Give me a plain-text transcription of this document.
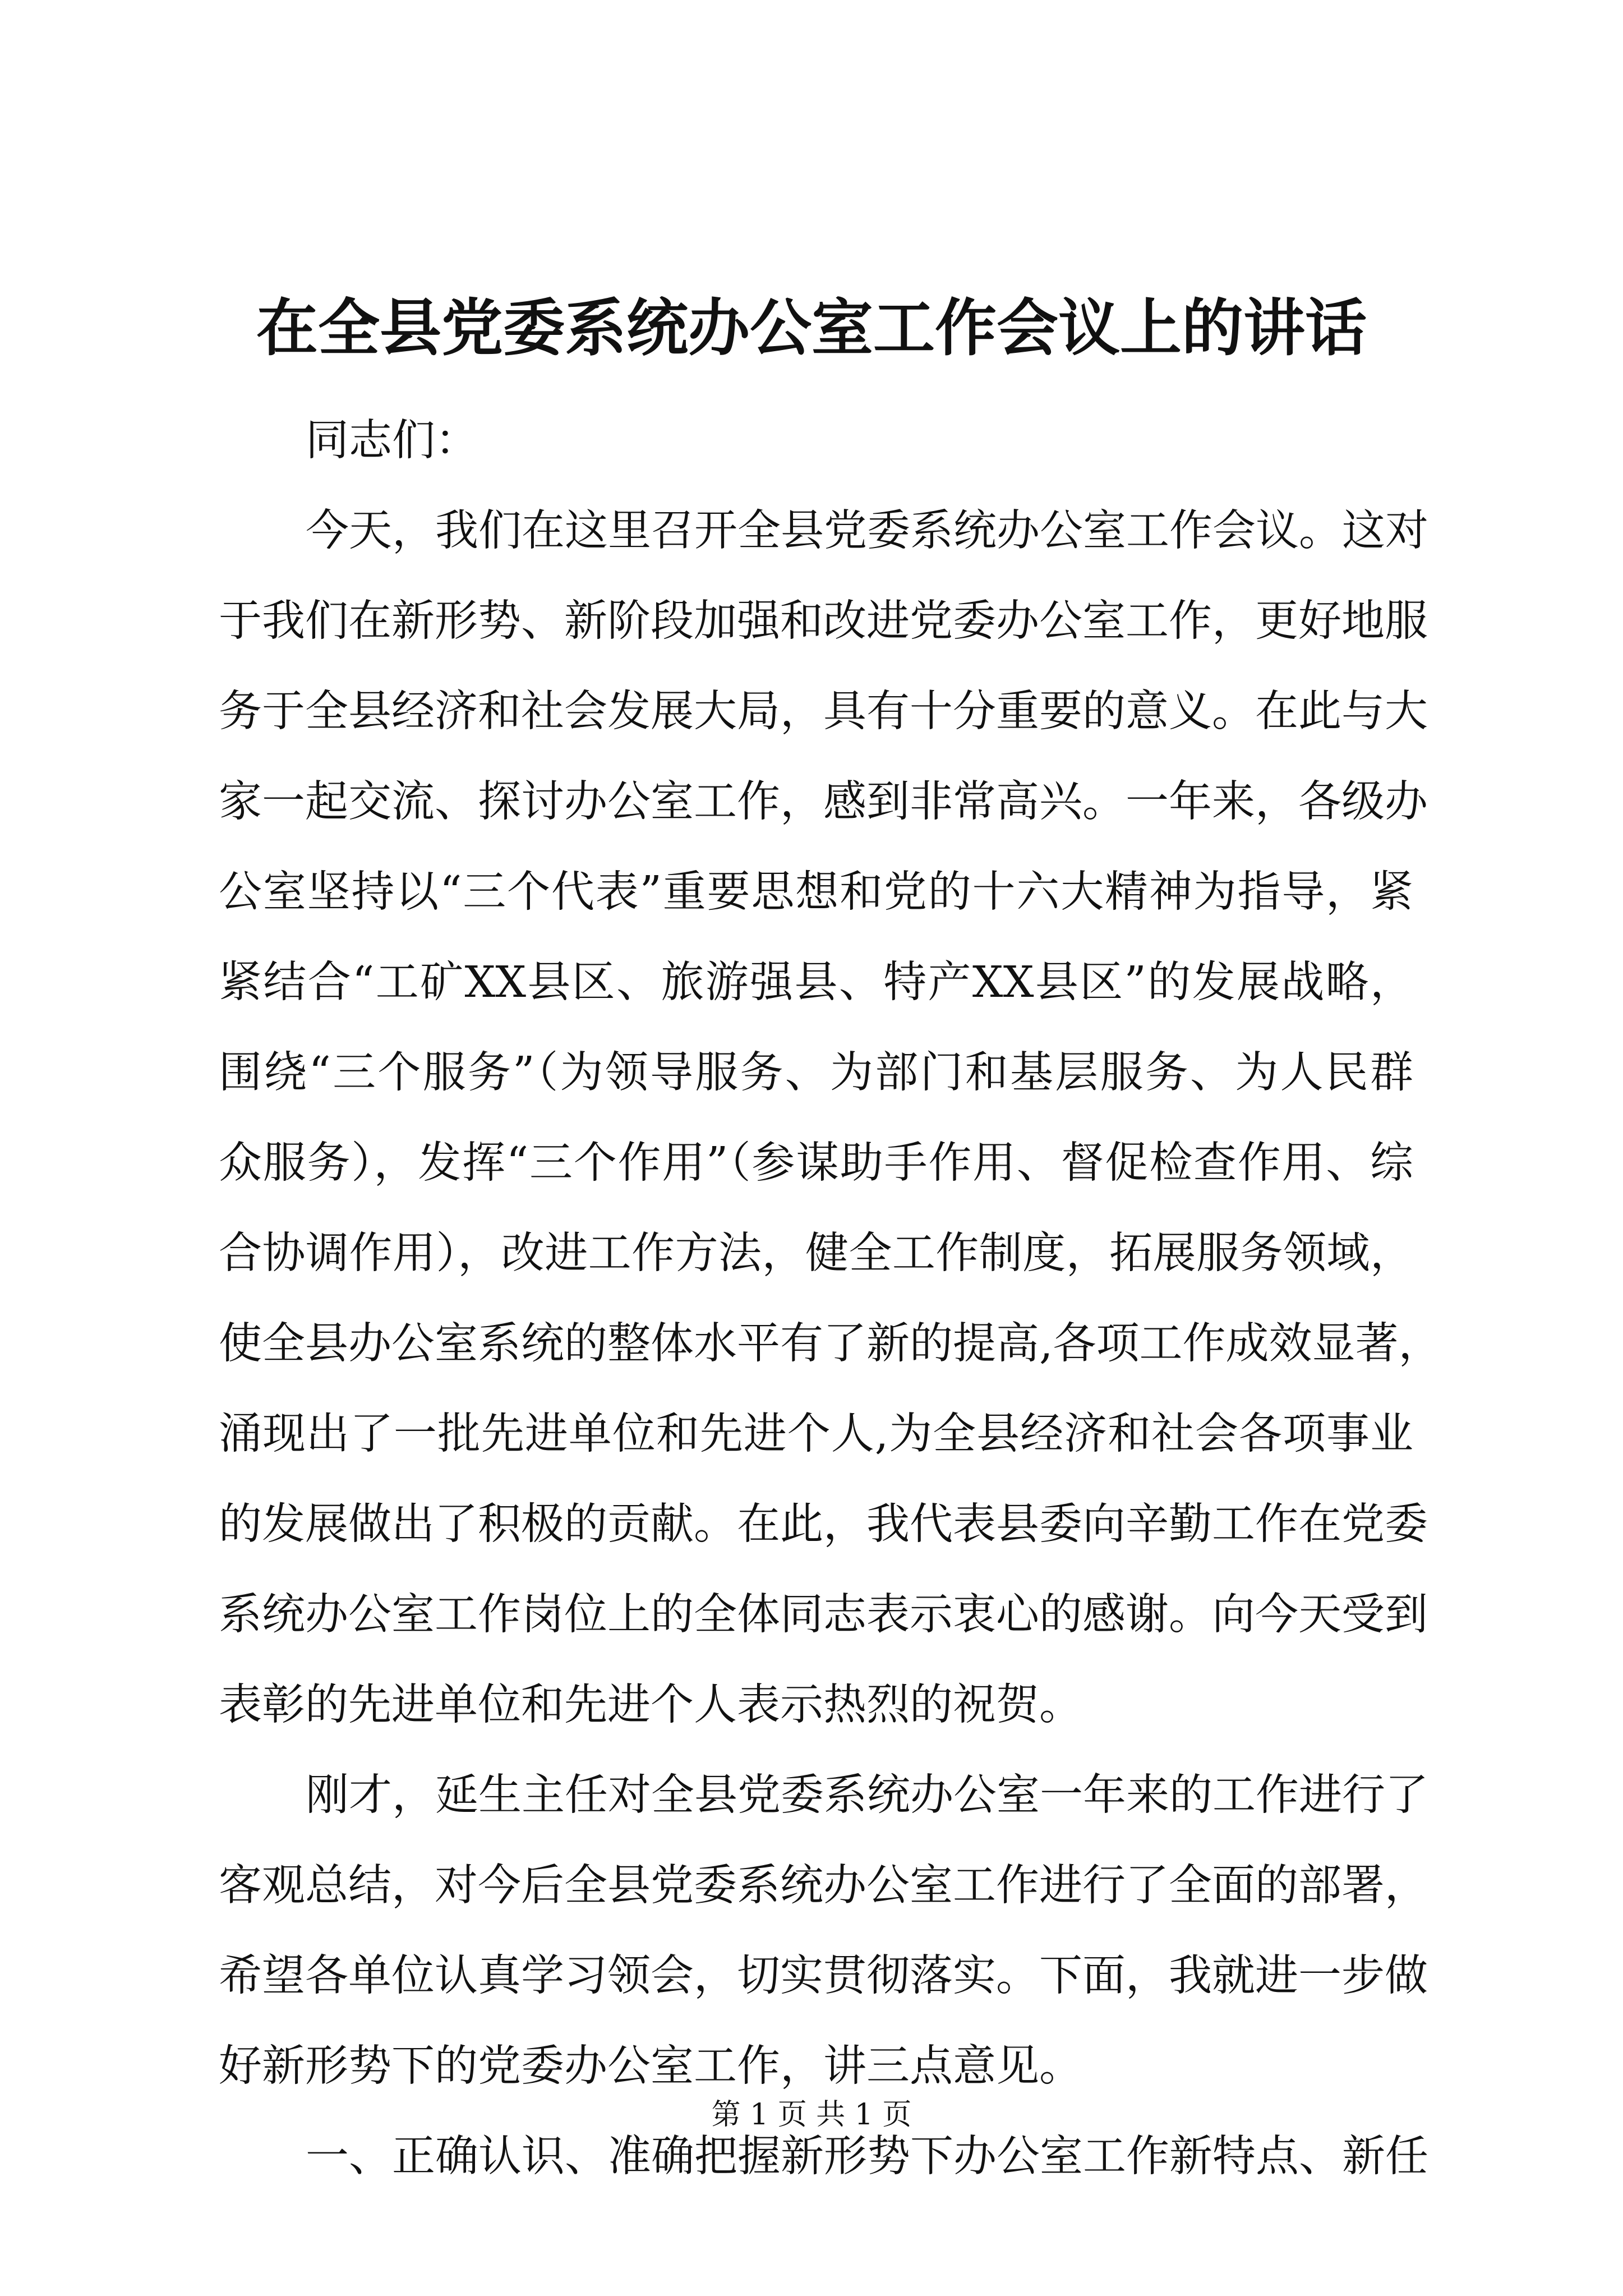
在全县党委系统办公室工作会议上的讲话
同志们：
今天，我们在这里召开全县党委系统办公室工作会议。这对
于我们在新形势、新阶段加强和改进党委办公室工作，更好地服
务于全县经济和社会发展大局，具有十分重要的意义。在此与大
家一起交流、探讨办公室工作，感到非常高兴。一年来，各级办
公室坚持以“三个代表”重要思想和党的十六大精神为指导，紧
紧结合“工矿XX县区、旅游强县、特产XX县区”的发展战略，
围绕“三个服务”（为领导服务、为部门和基层服务、为人民群
众服务），发挥“三个作用”（参谋助手作用、督促检查作用、综
合协调作用），改进工作方法，健全工作制度，拓展服务领域，
使全县办公室系统的整体水平有了新的提高,各项工作成效显著，
涌现出了一批先进单位和先进个人,为全县经济和社会各项事业
的发展做出了积极的贡献。在此，我代表县委向辛勤工作在党委
系统办公室工作岗位上的全体同志表示衷心的感谢。向今天受到
表彰的先进单位和先进个人表示热烈的祝贺。
刚才，延生主任对全县党委系统办公室一年来的工作进行了
客观总结，对今后全县党委系统办公室工作进行了全面的部署，
希望各单位认真学习领会，切实贯彻落实。下面，我就进一步做
好新形势下的党委办公室工作，讲三点意见。
一、正确认识、准确把握新形势下办公室工作新特点、新任
第 1 页 共 1 页
